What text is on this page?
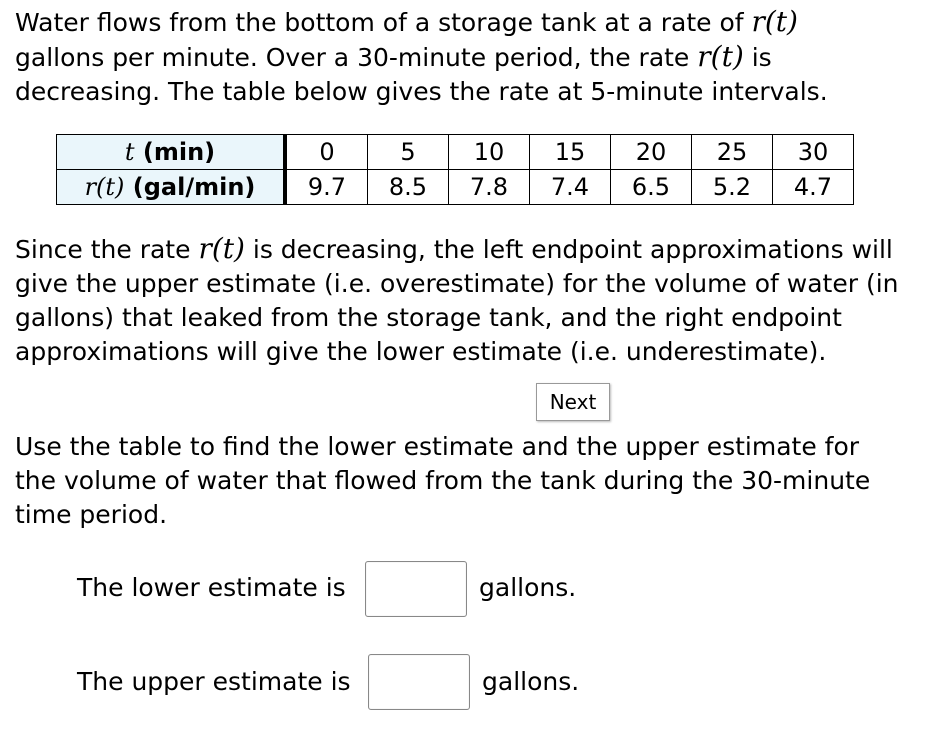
Water flows from the bottom of a storage tank at a rate of r(t)
gallons per minute. Over a 30-minute period, the rate r(t) is
decreasing. The table below gives the rate at 5-minute intervals.

t (min)	0	5	10	15	20	25	30
r(t) (gal/min)	9.7	8.5	7.8	7.4	6.5	5.2	4.7

Since the rate r(t) is decreasing, the left endpoint approximations will give the upper estimate (i.e. overestimate) for the volume of water (in gallons) that leaked from the storage tank, and the right endpoint approximations will give the lower estimate (i.e. underestimate).

Next

Use the table to find the lower estimate and the upper estimate for the volume of water that flowed from the tank during the 30-minute time period.

The lower estimate is	gallons.
The upper estimate is	gallons.
